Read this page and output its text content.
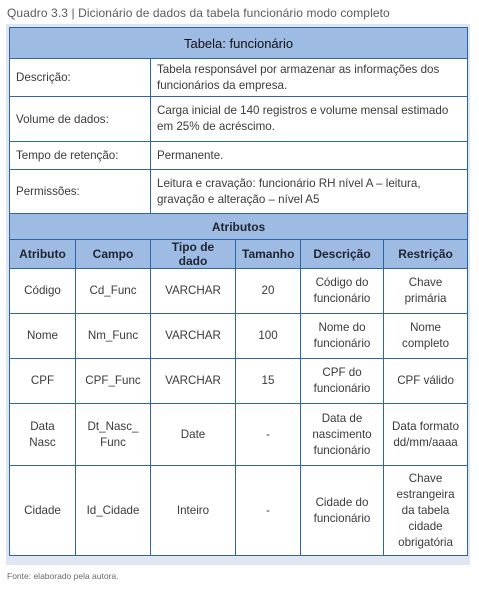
Quadro 3.3 | Dicionário de dados da tabela funcionário modo completo
Tabela: funcionário					
Descrição:		Tabela responsável por armazenar as informações dos funcionários da empresa.			
Volume de dados:		Carga inicial de 140 registros e volume mensal estimado em 25% de acréscimo.			
Tempo de retenção:		Permanente.			
Permissões:		Leitura e cravação: funcionário RH nível A – leitura, gravação e alteração – nível A5			
Atributos					
Atributo	Campo	Tipo de dado	Tamanho	Descrição	Restrição
Código	Cd_Func	VARCHAR	20	Código do funcionário	Chave primária
Nome	Nm_Func	VARCHAR	100	Nome do funcionário	Nome completo
CPF	CPF_Func	VARCHAR	15	CPF do funcionário	CPF válido
Data Nasc	Dt_Nasc_ Func	Date	-	Data de nascimento funcionário	Data formato dd/mm/aaaa
Cidade	Id_Cidade	Inteiro	-	Cidade do funcionário	Chave estrangeira da tabela cidade obrigatória
Fonte: elaborado pela autora.
